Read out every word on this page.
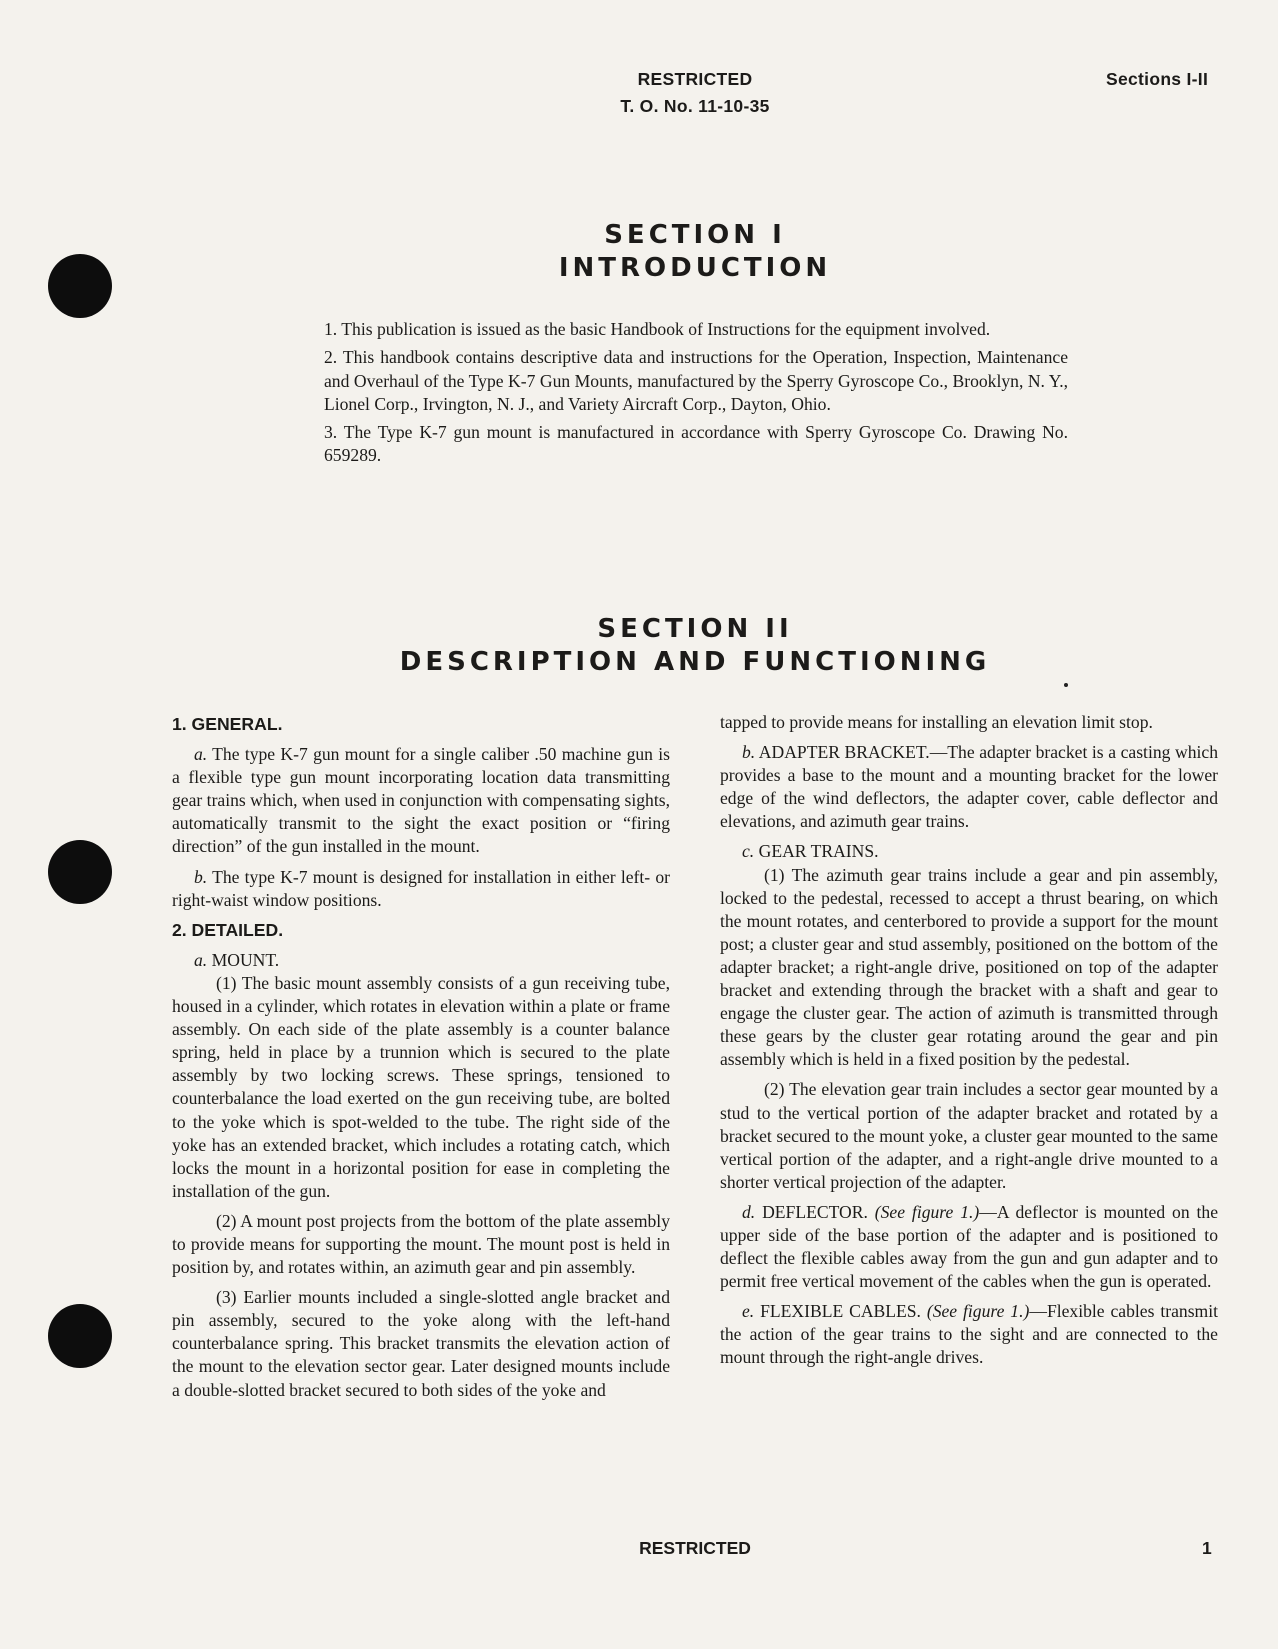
RESTRICTED
T. O. No. 11-10-35
Sections I-II
SECTION I
INTRODUCTION

1. This publication is issued as the basic Handbook of Instructions for the equipment involved.

2. This handbook contains descriptive data and instructions for the Operation, Inspection, Maintenance and Overhaul of the Type K-7 Gun Mounts, manufactured by the Sperry Gyroscope Co., Brooklyn, N. Y., Lionel Corp., Irvington, N. J., and Variety Aircraft Corp., Dayton, Ohio.

3. The Type K-7 gun mount is manufactured in accordance with Sperry Gyroscope Co. Drawing No. 659289.

SECTION II
DESCRIPTION AND FUNCTIONING

1. GENERAL.

a. The type K-7 gun mount for a single caliber .50 machine gun is a flexible type gun mount incorporating location data transmitting gear trains which, when used in conjunction with compensating sights, automatically transmit to the sight the exact position or “firing direction” of the gun installed in the mount.

b. The type K-7 mount is designed for installation in either left- or right-waist window positions.

2. DETAILED.

a. MOUNT.

(1) The basic mount assembly consists of a gun receiving tube, housed in a cylinder, which rotates in elevation within a plate or frame assembly. On each side of the plate assembly is a counter balance spring, held in place by a trunnion which is secured to the plate assembly by two locking screws. These springs, tensioned to counterbalance the load exerted on the gun receiving tube, are bolted to the yoke which is spot-welded to the tube. The right side of the yoke has an extended bracket, which includes a rotating catch, which locks the mount in a horizontal position for ease in completing the installation of the gun.

(2) A mount post projects from the bottom of the plate assembly to provide means for supporting the mount. The mount post is held in position by, and rotates within, an azimuth gear and pin assembly.

(3) Earlier mounts included a single-slotted angle bracket and pin assembly, secured to the yoke along with the left-hand counterbalance spring. This bracket transmits the elevation action of the mount to the elevation sector gear. Later designed mounts include a double-slotted bracket secured to both sides of the yoke and

tapped to provide means for installing an elevation limit stop.

b. ADAPTER BRACKET.—The adapter bracket is a casting which provides a base to the mount and a mounting bracket for the lower edge of the wind deflectors, the adapter cover, cable deflector and elevations, and azimuth gear trains.

c. GEAR TRAINS.

(1) The azimuth gear trains include a gear and pin assembly, locked to the pedestal, recessed to accept a thrust bearing, on which the mount rotates, and centerbored to provide a support for the mount post; a cluster gear and stud assembly, positioned on the bottom of the adapter bracket; a right-angle drive, positioned on top of the adapter bracket and extending through the bracket with a shaft and gear to engage the cluster gear. The action of azimuth is transmitted through these gears by the cluster gear rotating around the gear and pin assembly which is held in a fixed position by the pedestal.

(2) The elevation gear train includes a sector gear mounted by a stud to the vertical portion of the adapter bracket and rotated by a bracket secured to the mount yoke, a cluster gear mounted to the same vertical portion of the adapter, and a right-angle drive mounted to a shorter vertical projection of the adapter.

d. DEFLECTOR. (See figure 1.)—A deflector is mounted on the upper side of the base portion of the adapter and is positioned to deflect the flexible cables away from the gun and gun adapter and to permit free vertical movement of the cables when the gun is operated.

e. FLEXIBLE CABLES. (See figure 1.)—Flexible cables transmit the action of the gear trains to the sight and are connected to the mount through the right-angle drives.

RESTRICTED	1
